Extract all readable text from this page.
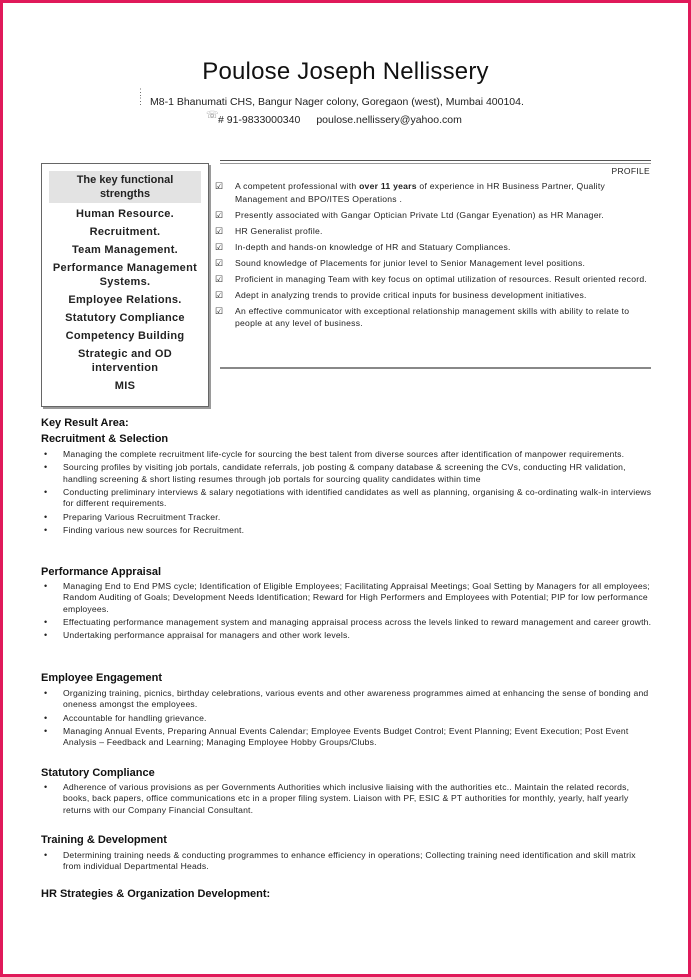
Poulose Joseph Nellissery
⋮
⋮ M8-1 Bhanumati CHS, Bangur Nager colony, Goregaon (west), Mumbai 400104.
☏ # 91-9833000340 poulose.nellissery@yahoo.com
The key functional strengths
Human Resource.
Recruitment.
Team Management.
Performance Management Systems.
Employee Relations.
Statutory Compliance
Competency Building
Strategic and OD intervention
MIS
PROFILE
☑ A competent professional with over 11 years of experience in HR Business Partner, Quality Management and BPO/ITES Operations .
☑ Presently associated with Gangar Optician Private Ltd (Gangar Eyenation) as HR Manager.
☑ HR Generalist profile.
☑ In-depth and hands-on knowledge of HR and Statuary Compliances.
☑ Sound knowledge of Placements for junior level to Senior Management level positions.
☑ Proficient in managing Team with key focus on optimal utilization of resources. Result oriented record.
☑ Adept in analyzing trends to provide critical inputs for business development initiatives.
☑ An effective communicator with exceptional relationship management skills with ability to relate to people at any level of business.
Key Result Area:
Recruitment & Selection
• Managing the complete recruitment life-cycle for sourcing the best talent from diverse sources after identification of manpower requirements.
• Sourcing profiles by visiting job portals, candidate referrals, job posting & company database & screening the CVs, conducting HR validation, handling screening & short listing resumes through job portals for sourcing quality candidates within time
• Conducting preliminary interviews & salary negotiations with identified candidates as well as planning, organising & co-ordinating walk-in interviews for different requirements.
• Preparing Various Recruitment Tracker.
• Finding various new sources for Recruitment.
Performance Appraisal
• Managing End to End PMS cycle; Identification of Eligible Employees; Facilitating Appraisal Meetings; Goal Setting by Managers for all employees; Random Auditing of Goals; Development Needs Identification; Reward for High Performers and Employees with Potential; PIP for low performance employees.
• Effectuating performance management system and managing appraisal process across the levels linked to reward management and career growth.
• Undertaking performance appraisal for managers and other work levels.
Employee Engagement
• Organizing training, picnics, birthday celebrations, various events and other awareness programmes aimed at enhancing the sense of bonding and oneness amongst the employees.
• Accountable for handling grievance.
• Managing Annual Events, Preparing Annual Events Calendar; Employee Events Budget Control; Event Planning; Event Execution; Post Event Analysis – Feedback and Learning; Managing Employee Hobby Groups/Clubs.
Statutory Compliance
• Adherence of various provisions as per Governments Authorities which inclusive liaising with the authorities etc.. Maintain the related records, books, back papers, office communications etc in a proper filing system. Liaison with PF, ESIC & PT authorities for monthly, yearly, half yearly returns with our Company Financial Consultant.
Training & Development
• Determining training needs & conducting programmes to enhance efficiency in operations; Collecting training need identification and skill matrix from individual Departmental Heads.
HR Strategies & Organization Development:
